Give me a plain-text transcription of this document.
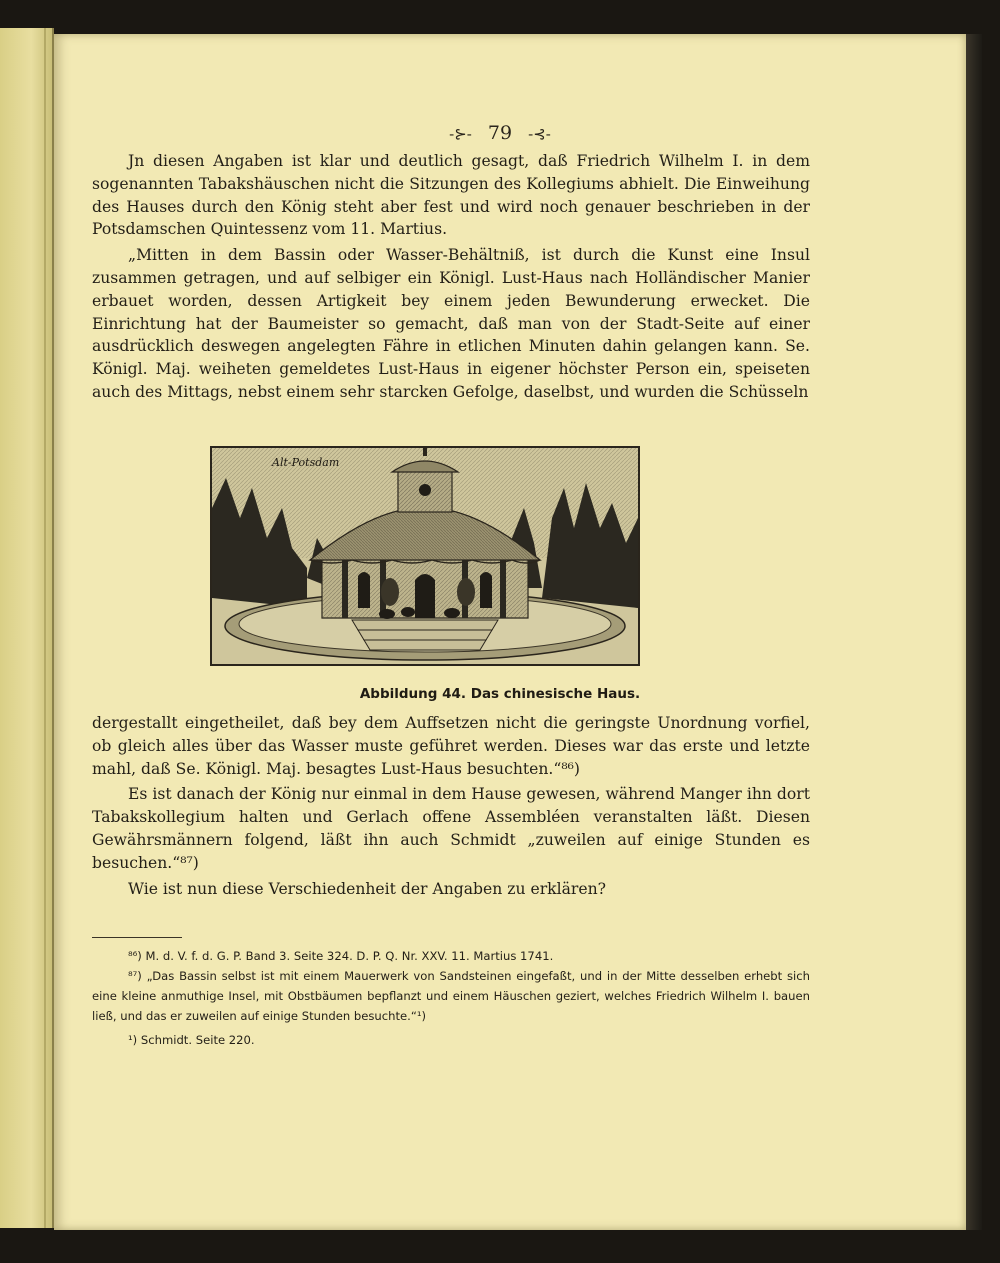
-⊱- 79 -⊰-

Jn diesen Angaben ist klar und deutlich gesagt, daß Friedrich Wilhelm I. in dem sogenannten Tabakshäuschen nicht die Sitzungen des Kollegiums abhielt. Die Einweihung des Hauses durch den König steht aber fest und wird noch genauer beschrieben in der Potsdamschen Quintessenz vom 11. Martius.

„Mitten in dem Bassin oder Wasser-Behältniß, ist durch die Kunst eine Insul zusammen getragen, und auf selbiger ein Königl. Lust-Haus nach Holländischer Manier erbauet worden, dessen Artigkeit bey einem jeden Bewunderung erwecket. Die Einrichtung hat der Baumeister so gemacht, daß man von der Stadt-Seite auf einer ausdrücklich deswegen angelegten Fähre in etlichen Minuten dahin gelangen kann. Se. Königl. Maj. weiheten gemeldetes Lust-Haus in eigener höchster Person ein, speiseten auch des Mittags, nebst einem sehr starcken Gefolge, daselbst, und wurden die Schüsseln

Alt-Potsdam
Abbildung 44. Das chinesische Haus.

dergestallt eingetheilet, daß bey dem Auffsetzen nicht die geringste Unordnung vorfiel, ob gleich alles über das Wasser muste geführet werden. Dieses war das erste und letzte mahl, daß Se. Königl. Maj. besagtes Lust-Haus besuchten.“⁸⁶)

Es ist danach der König nur einmal in dem Hause gewesen, während Manger ihn dort Tabakskollegium halten und Gerlach offene Assembléen veranstalten läßt. Diesen Gewährsmännern folgend, läßt ihn auch Schmidt „zuweilen auf einige Stunden es besuchen.“⁸⁷)

Wie ist nun diese Verschiedenheit der Angaben zu erklären?

⁸⁶) M. d. V. f. d. G. P. Band 3. Seite 324. D. P. Q. Nr. XXV. 11. Martius 1741.
⁸⁷) „Das Bassin selbst ist mit einem Mauerwerk von Sandsteinen eingefaßt, und in der Mitte desselben erhebt sich eine kleine anmuthige Insel, mit Obstbäumen bepflanzt und einem Häuschen geziert, welches Friedrich Wilhelm I. bauen ließ, und das er zuweilen auf einige Stunden besuchte.“¹)
¹) Schmidt. Seite 220.
